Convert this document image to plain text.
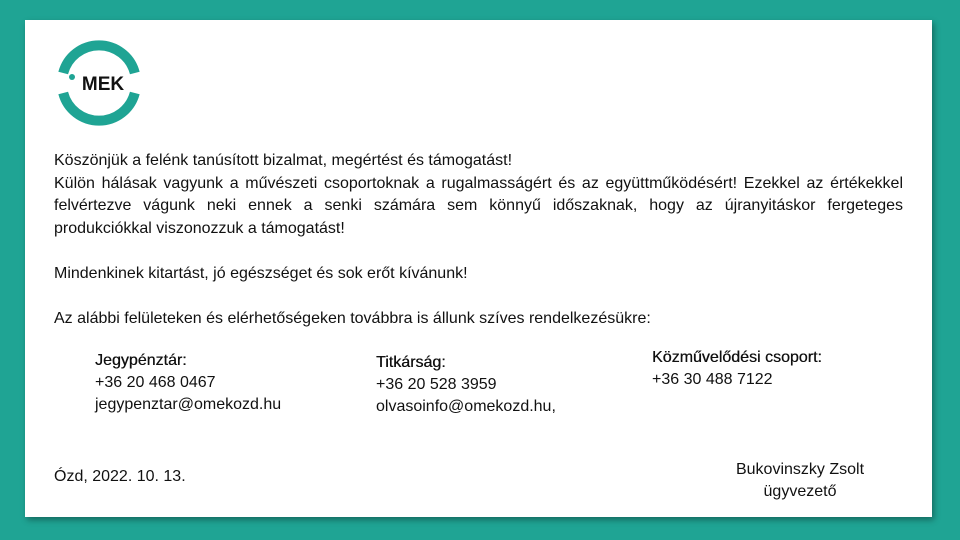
MEK

Köszönjük a felénk tanúsított bizalmat, megértést és támogatást!

Külön hálásak vagyunk a művészeti csoportoknak a rugalmasságért és az együttműködésért! Ezekkel az értékekkel felvértezve vágunk neki ennek a senki számára sem könnyű időszaknak, hogy az újranyitáskor fergeteges produkciókkal viszonozzuk a támogatást!

Mindenkinek kitartást, jó egészséget és sok erőt kívánunk!

Az alábbi felületeken és elérhetőségeken továbbra is állunk szíves rendelkezésükre:

Jegypénztár:
+36 20 468 0467
jegypenztar@omekozd.hu
Titkárság:
+36 20 528 3959
olvasoinfo@omekozd.hu,
Közművelődési csoport:
+36 30 488 7122
Ózd, 2022. 10. 13.	Bukovinszky Zsolt
ügyvezető
